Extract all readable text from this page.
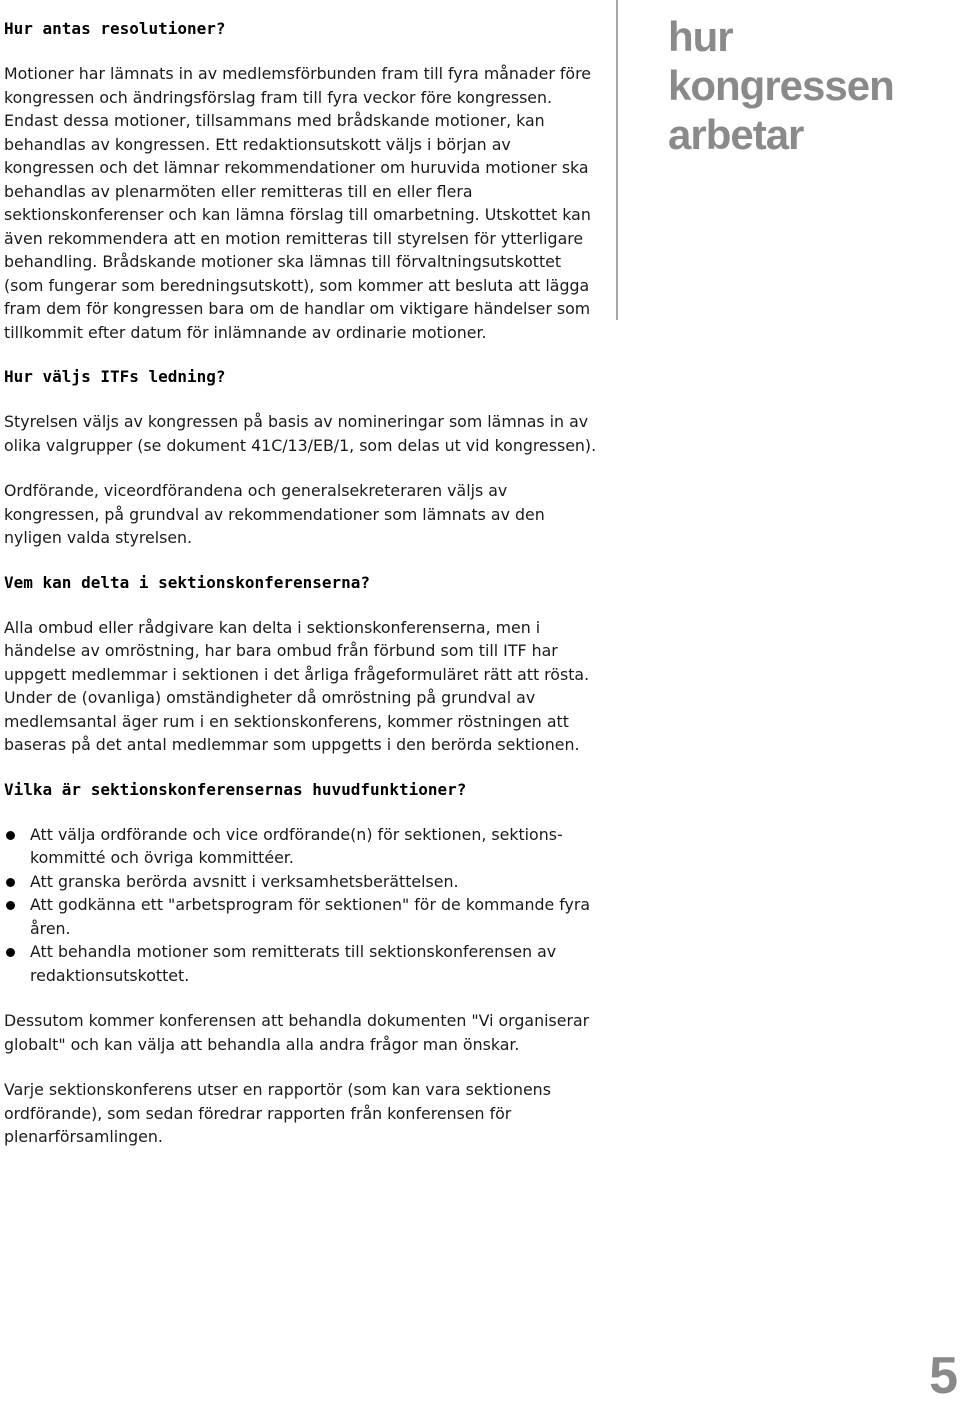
Hur antas resolutioner?

Motioner har lämnats in av medlemsförbunden fram till fyra månader före kongressen och ändringsförslag fram till fyra veckor före kongressen. Endast dessa motioner, tillsammans med brådskande motioner, kan behandlas av kongressen. Ett redaktionsutskott väljs i början av kongressen och det lämnar rekommendationer om huruvida motioner ska behandlas av plenarmöten eller remitteras till en eller flera sektionskonferenser och kan lämna förslag till omarbetning. Utskottet kan även rekommendera att en motion remitteras till styrelsen för ytterligare behandling. Brådskande motioner ska lämnas till förvaltningsutskottet (som fungerar som beredningsutskott), som kommer att besluta att lägga fram dem för kongressen bara om de handlar om viktigare händelser som tillkommit efter datum för inlämnande av ordinarie motioner.

Hur väljs ITFs ledning?

Styrelsen väljs av kongressen på basis av nomineringar som lämnas in av olika valgrupper (se dokument 41C/13/EB/1, som delas ut vid kongressen).

Ordförande, viceordförandena och generalsekreteraren väljs av kongressen, på grundval av rekommendationer som lämnats av den nyligen valda styrelsen.

Vem kan delta i sektionskonferenserna?

Alla ombud eller rådgivare kan delta i sektionskonferenserna, men i händelse av omröstning, har bara ombud från förbund som till ITF har uppgett medlemmar i sektionen i det årliga frågeformuläret rätt att rösta. Under de (ovanliga) omständigheter då omröstning på grundval av medlemsantal äger rum i en sektionskonferens, kommer röstningen att baseras på det antal medlemmar som uppgetts i den berörda sektionen.

Vilka är sektionskonferensernas huvudfunktioner?
Att välja ordförande och vice ordförande(n) för sektionen, sektions-kommitté och övriga kommittéer.
Att granska berörda avsnitt i verksamhetsberättelsen.
Att godkänna ett "arbetsprogram för sektionen" för de kommande fyra åren.
Att behandla motioner som remitterats till sektionskonferensen av redaktionsutskottet.

Dessutom kommer konferensen att behandla dokumenten "Vi organiserar globalt" och kan välja att behandla alla andra frågor man önskar.

Varje sektionskonferens utser en rapportör (som kan vara sektionens ordförande), som sedan föredrar rapporten från konferensen för plenarförsamlingen.

hur kongressen
arbetar
5
